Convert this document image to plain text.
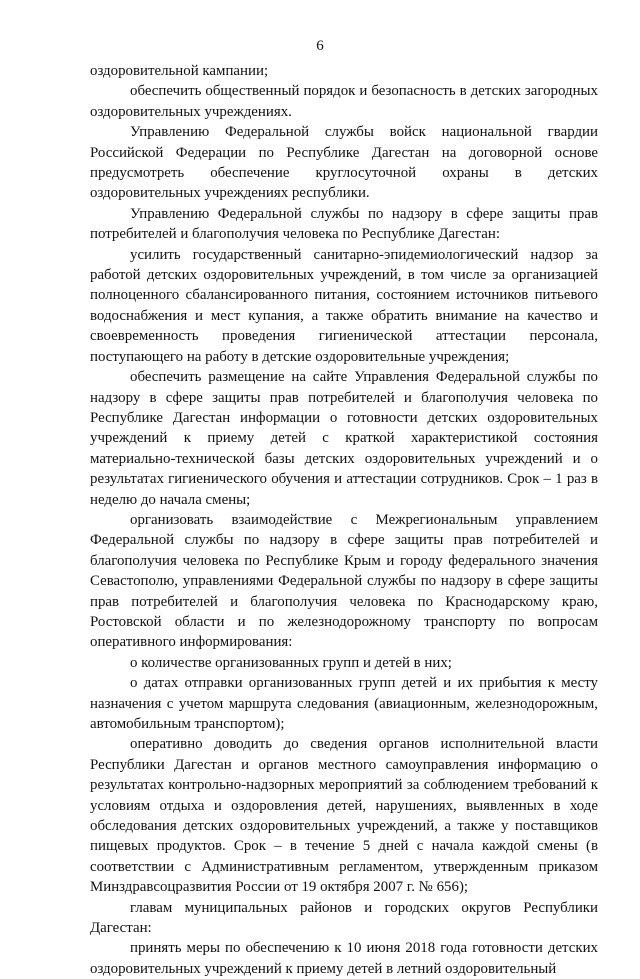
6

оздоровительной кампании;

обеспечить общественный порядок и безопасность в детских загородных оздоровительных учреждениях.

Управлению Федеральной службы войск национальной гвардии Российской Федерации по Республике Дагестан на договорной основе предусмотреть обеспечение круглосуточной охраны в детских оздоровительных учреждениях республики.

Управлению Федеральной службы по надзору в сфере защиты прав потребителей и благополучия человека по Республике Дагестан:

усилить государственный санитарно-эпидемиологический надзор за работой детских оздоровительных учреждений, в том числе за организацией полноценного сбалансированного питания, состоянием источников питьевого водоснабжения и мест купания, а также обратить внимание на качество и своевременность проведения гигиенической аттестации персонала, поступающего на работу в детские оздоровительные учреждения;

обеспечить размещение на сайте Управления Федеральной службы по надзору в сфере защиты прав потребителей и благополучия человека по Республике Дагестан информации о готовности детских оздоровительных учреждений к приему детей с краткой характеристикой состояния материально-технической базы детских оздоровительных учреждений и о результатах гигиенического обучения и аттестации сотрудников. Срок – 1 раз в неделю до начала смены;

организовать взаимодействие с Межрегиональным управлением Федеральной службы по надзору в сфере защиты прав потребителей и благополучия человека по Республике Крым и городу федерального значения Севастополю, управлениями Федеральной службы по надзору в сфере защиты прав потребителей и благополучия человека по Краснодарскому краю, Ростовской области и по железнодорожному транспорту по вопросам оперативного информирования:

о количестве организованных групп и детей в них;

о датах отправки организованных групп детей и их прибытия к месту назначения с учетом маршрута следования (авиационным, железнодорожным, автомобильным транспортом);

оперативно доводить до сведения органов исполнительной власти Республики Дагестан и органов местного самоуправления информацию о результатах контрольно-надзорных мероприятий за соблюдением требований к условиям отдыха и оздоровления детей, нарушениях, выявленных в ходе обследования детских оздоровительных учреждений, а также у поставщиков пищевых продуктов. Срок – в течение 5 дней с начала каждой смены (в соответствии с Административным регламентом, утвержденным приказом Минздравсоцразвития России от 19 октября 2007 г. № 656);

главам муниципальных районов и городских округов Республики Дагестан:

принять меры по обеспечению к 10 июня 2018 года готовности детских оздоровительных учреждений к приему детей в летний оздоровительный
